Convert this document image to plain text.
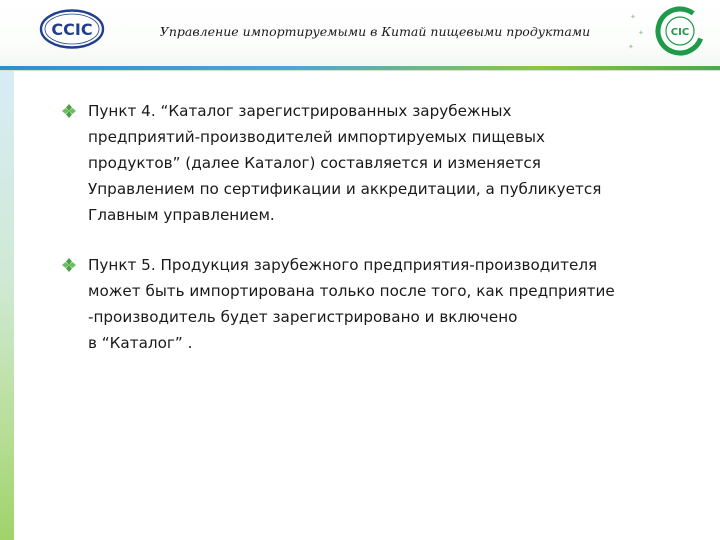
CCIC	Управление импортируемыми в Китай пищевыми продуктами
✦
✦
✦
CIC
Пункт 4. “Каталог зарегистрированных зарубежных
предприятий-производителей импортируемых пищевых
продуктов” (далее Каталог) составляется и изменяется
Управлением по сертификации и аккредитации, а публикуется
Главным управлением.
Пункт 5. Продукция зарубежного предприятия-производителя
может быть импортирована только после того, как предприятие
-производитель будет зарегистрировано и включено
в “Каталог” .
